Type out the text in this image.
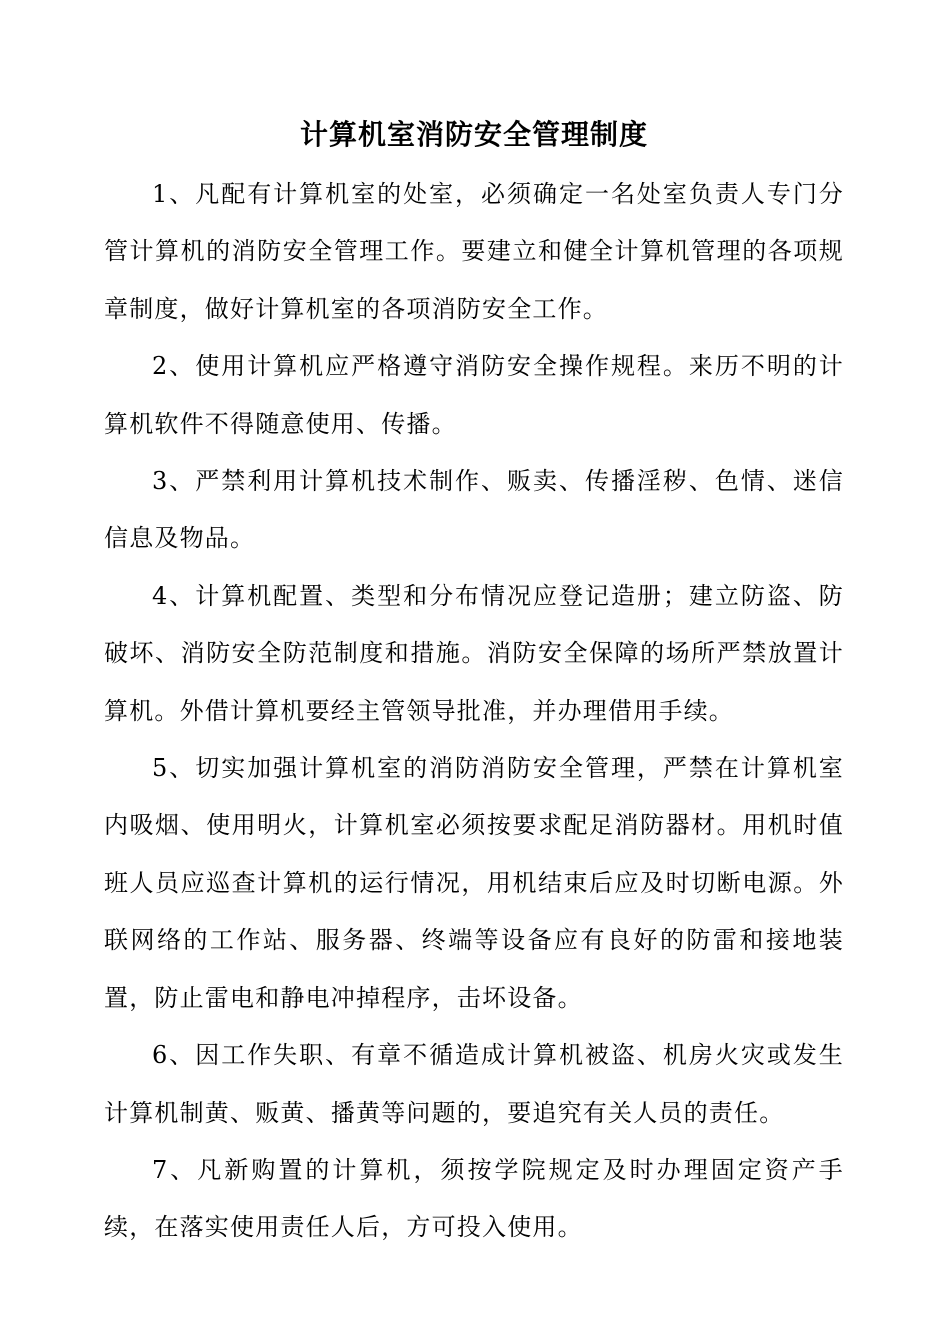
计算机室消防安全管理制度

1、凡配有计算机室的处室，必须确定一名处室负责人专门分管计算机的消防安全管理工作。要建立和健全计算机管理的各项规章制度，做好计算机室的各项消防安全工作。

2、使用计算机应严格遵守消防安全操作规程。来历不明的计算机软件不得随意使用、传播。

3、严禁利用计算机技术制作、贩卖、传播淫秽、色情、迷信信息及物品。

4、计算机配置、类型和分布情况应登记造册；建立防盗、防破坏、消防安全防范制度和措施。消防安全保障的场所严禁放置计算机。外借计算机要经主管领导批准，并办理借用手续。

5、切实加强计算机室的消防消防安全管理，严禁在计算机室内吸烟、使用明火，计算机室必须按要求配足消防器材。用机时值班人员应巡查计算机的运行情况，用机结束后应及时切断电源。外联网络的工作站、服务器、终端等设备应有良好的防雷和接地装置，防止雷电和静电冲掉程序，击坏设备。

6、因工作失职、有章不循造成计算机被盗、机房火灾或发生计算机制黄、贩黄、播黄等问题的，要追究有关人员的责任。

7、凡新购置的计算机，须按学院规定及时办理固定资产手续，在落实使用责任人后，方可投入使用。
